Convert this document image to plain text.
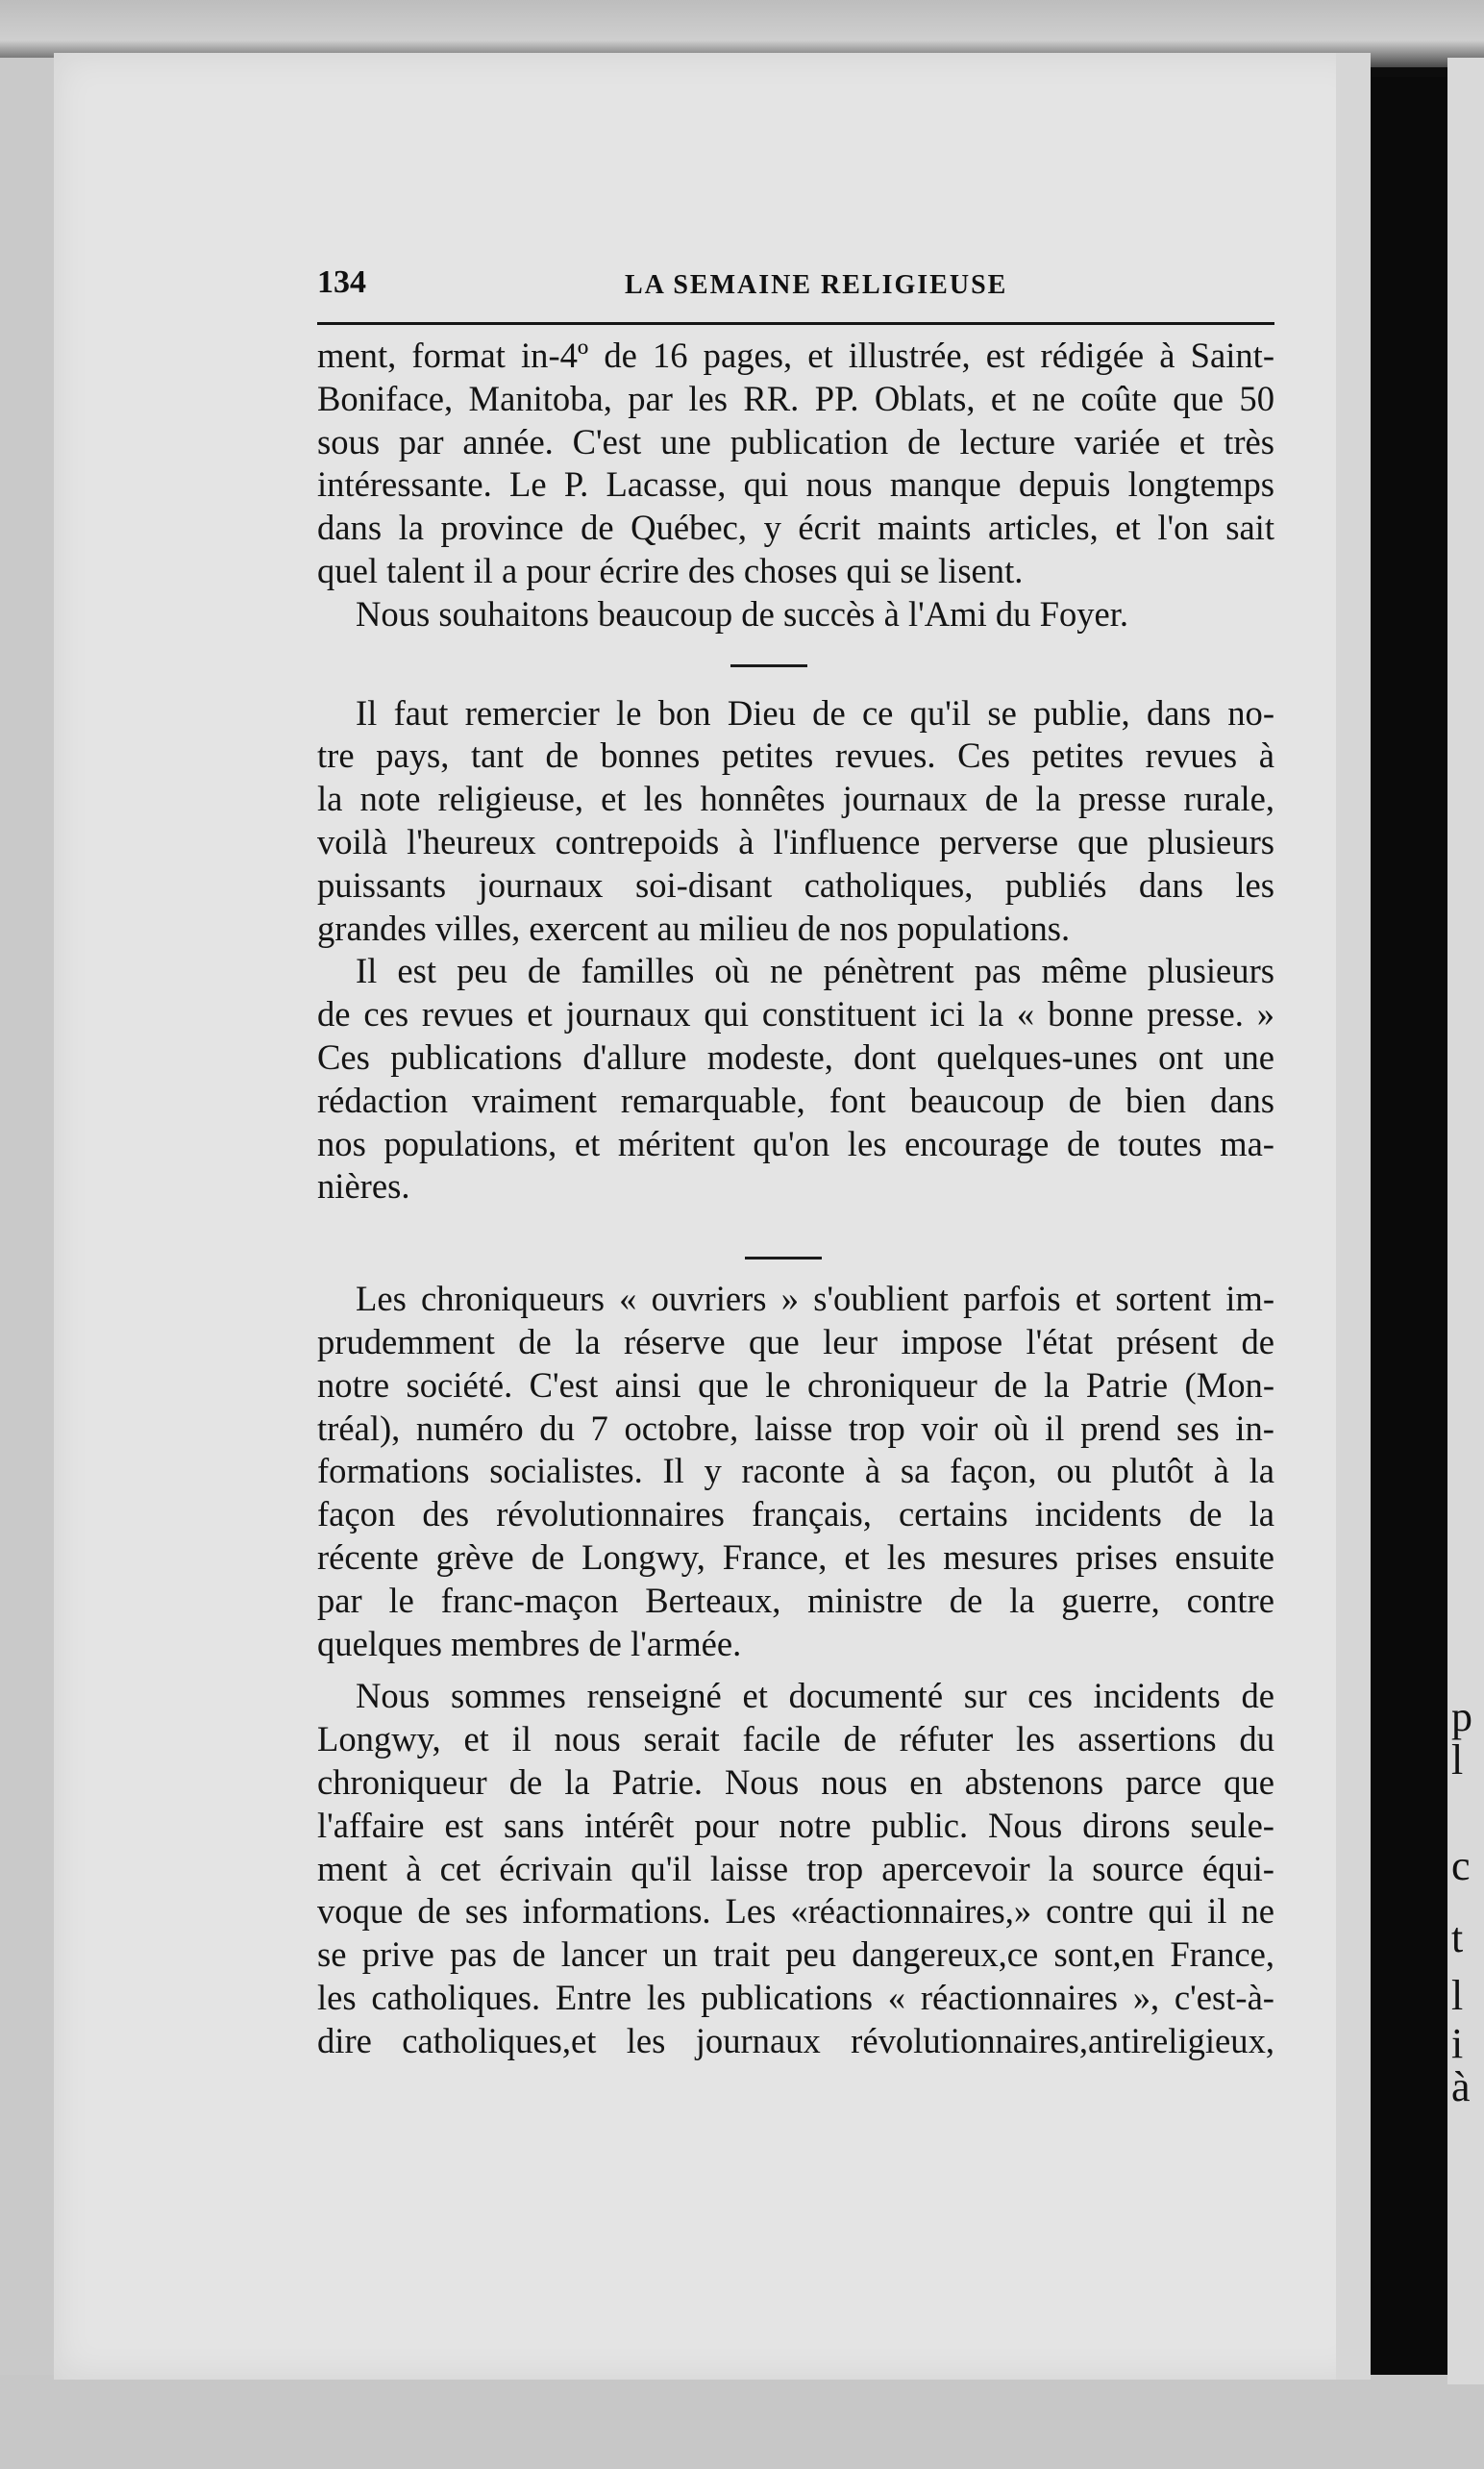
p
l
c
t
l
i
à
134	LA SEMAINE RELIGIEUSE
ment, format in-4º de 16 pages, et illustrée, est rédigée à Saint-
Boniface, Manitoba, par les RR. PP. Oblats, et ne coûte que 50
sous par année. C'est une publication de lecture variée et très
intéressante. Le P. Lacasse, qui nous manque depuis longtemps
dans la province de Québec, y écrit maints articles, et l'on sait
quel talent il a pour écrire des choses qui se lisent.
Nous souhaitons beaucoup de succès à l'Ami du Foyer.
Il faut remercier le bon Dieu de ce qu'il se publie, dans no-
tre pays, tant de bonnes petites revues. Ces petites revues à
la note religieuse, et les honnêtes journaux de la presse rurale,
voilà l'heureux contrepoids à l'influence perverse que plusieurs
puissants journaux soi-disant catholiques, publiés dans les
grandes villes, exercent au milieu de nos populations.
Il est peu de familles où ne pénètrent pas même plusieurs
de ces revues et journaux qui constituent ici la « bonne presse. »
Ces publications d'allure modeste, dont quelques-unes ont une
rédaction vraiment remarquable, font beaucoup de bien dans
nos populations, et méritent qu'on les encourage de toutes ma-
nières.
Les chroniqueurs « ouvriers » s'oublient parfois et sortent im-
prudemment de la réserve que leur impose l'état présent de
notre société. C'est ainsi que le chroniqueur de la Patrie (Mon-
tréal), numéro du 7 octobre, laisse trop voir où il prend ses in-
formations socialistes. Il y raconte à sa façon, ou plutôt à la
façon des révolutionnaires français, certains incidents de la
récente grève de Longwy, France, et les mesures prises ensuite
par le franc-maçon Berteaux, ministre de la guerre, contre
quelques membres de l'armée.
Nous sommes renseigné et documenté sur ces incidents de
Longwy, et il nous serait facile de réfuter les assertions du
chroniqueur de la Patrie. Nous nous en abstenons parce que
l'affaire est sans intérêt pour notre public. Nous dirons seule-
ment à cet écrivain qu'il laisse trop apercevoir la source équi-
voque de ses informations. Les «réactionnaires,» contre qui il ne
se prive pas de lancer un trait peu dangereux,ce sont,en France,
les catholiques. Entre les publications « réactionnaires », c'est-à-
dire catholiques,et les journaux révolutionnaires,antireligieux,
